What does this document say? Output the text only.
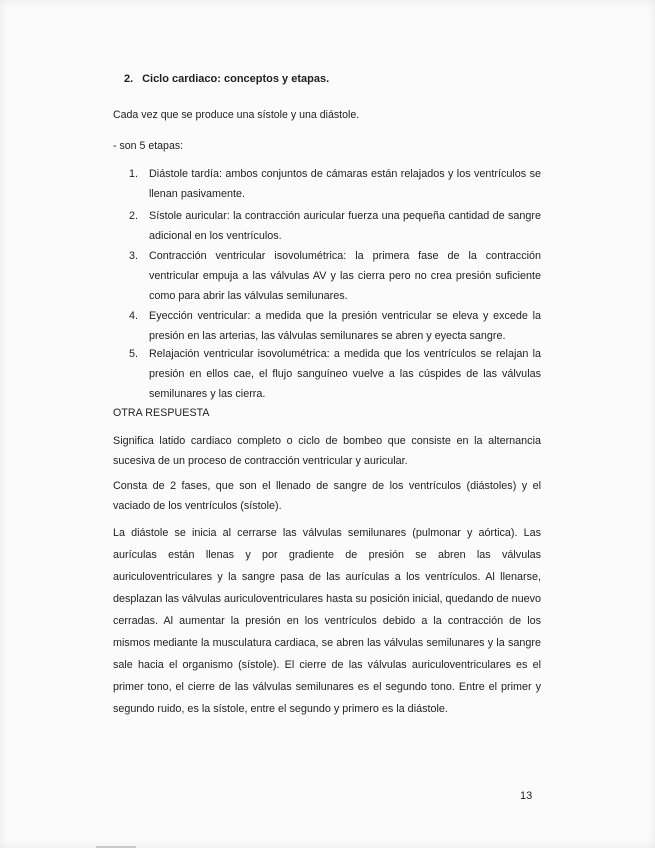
2. Ciclo cardiaco: conceptos y etapas.
Cada vez que se produce una sístole y una diástole.
- son 5 etapas:
1. Diástole tardía: ambos conjuntos de cámaras están relajados y los ventrículos se llenan pasivamente.
2. Sístole auricular: la contracción auricular fuerza una pequeña cantidad de sangre adicional en los ventrículos.
3. Contracción ventricular isovolumétrica: la primera fase de la contracción ventricular empuja a las válvulas AV y las cierra pero no crea presión suficiente como para abrir las válvulas semilunares.
4. Eyección ventricular: a medida que la presión ventricular se eleva y excede la presión en las arterias, las válvulas semilunares se abren y eyecta sangre.
5. Relajación ventricular isovolumétrica: a medida que los ventrículos se relajan la presión en ellos cae, el flujo sanguíneo vuelve a las cúspides de las válvulas semilunares y las cierra.
OTRA RESPUESTA
Significa latido cardiaco completo o ciclo de bombeo que consiste en la alternancia sucesiva de un proceso de contracción ventricular y auricular.
Consta de 2 fases, que son el llenado de sangre de los ventrículos (diástoles) y el vaciado de los ventrículos (sístole).
La diástole se inicia al cerrarse las válvulas semilunares (pulmonar y aórtica). Las aurículas están llenas y por gradiente de presión se abren las válvulas auriculoventriculares y la sangre pasa de las aurículas a los ventrículos. Al llenarse, desplazan las válvulas auriculoventriculares hasta su posición inicial, quedando de nuevo cerradas. Al aumentar la presión en los ventrículos debido a la contracción de los mismos mediante la musculatura cardiaca, se abren las válvulas semilunares y la sangre sale hacia el organismo (sístole). El cierre de las válvulas auriculoventriculares es el primer tono, el cierre de las válvulas semilunares es el segundo tono. Entre el primer y segundo ruido, es la sístole, entre el segundo y primero es la diástole.
13
